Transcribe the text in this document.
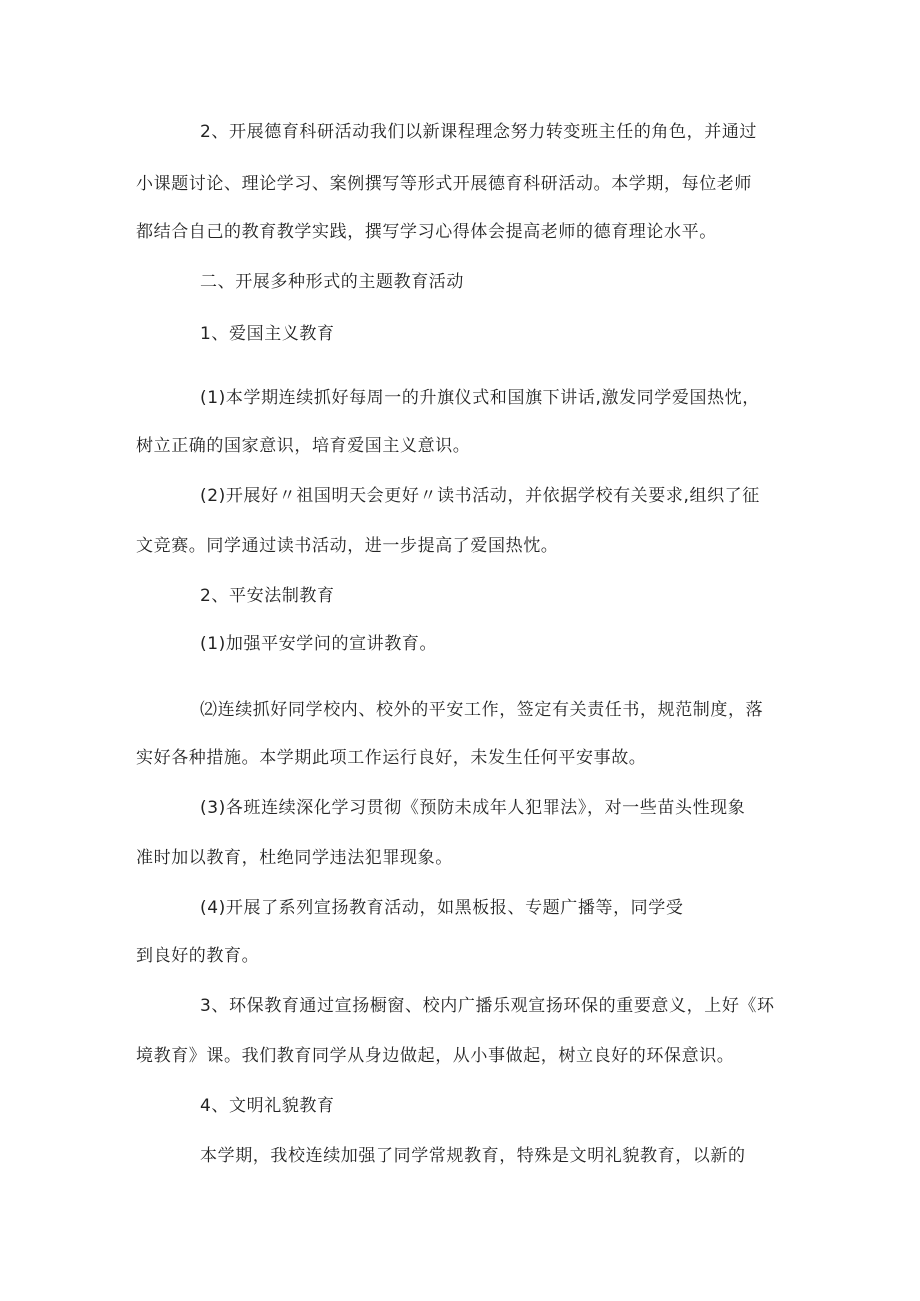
2、开展德育科研活动我们以新课程理念努力转变班主任的角色，并通过
小课题讨论、理论学习、案例撰写等形式开展德育科研活动。本学期，每位老师
都结合自己的教育教学实践，撰写学习心得体会提高老师的德育理论水平。
二、开展多种形式的主题教育活动
1、爱国主义教育
(1)本学期连续抓好每周一的升旗仪式和国旗下讲话,激发同学爱国热忱，
树立正确的国家意识，培育爱国主义意识。
(2)开展好〃祖国明天会更好〃读书活动，并依据学校有关要求,组织了征
文竞赛。同学通过读书活动，进一步提高了爱国热忱。
2、平安法制教育
(1)加强平安学问的宣讲教育。
⑵连续抓好同学校内、校外的平安工作，签定有关责任书，规范制度，落
实好各种措施。本学期此项工作运行良好，未发生任何平安事故。
(3)各班连续深化学习贯彻《预防未成年人犯罪法》，对一些苗头性现象
准时加以教育，杜绝同学违法犯罪现象。
(4)开展了系列宣扬教育活动，如黑板报、专题广播等，同学受
到良好的教育。
3、环保教育通过宣扬橱窗、校内广播乐观宣扬环保的重要意义，上好《环
境教育》课。我们教育同学从身边做起，从小事做起，树立良好的环保意识。
4、文明礼貌教育
本学期，我校连续加强了同学常规教育，特殊是文明礼貌教育，以新的
